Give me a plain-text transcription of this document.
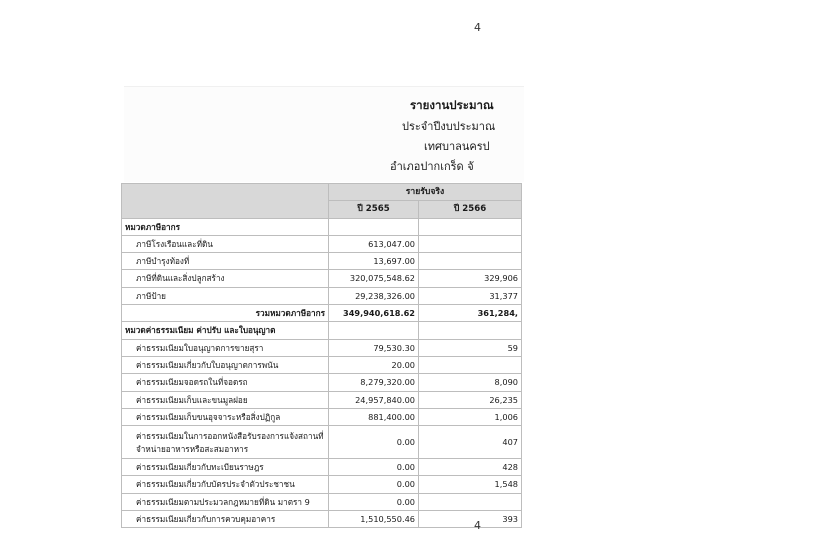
4
รายงานประมาณ
ประจำปีงบประมาณ
เทศบาลนครป
อำเภอปากเกร็ด จั
	รายรับจริง	
	ปี 2565	ปี 2566
หมวดภาษีอากร		
ภาษีโรงเรือนและที่ดิน	613,047.00	
ภาษีบำรุงท้องที่	13,697.00	
ภาษีที่ดินและสิ่งปลูกสร้าง	320,075,548.62	329,906
ภาษีป้าย	29,238,326.00	31,377
รวมหมวดภาษีอากร	349,940,618.62	361,284,
หมวดค่าธรรมเนียม ค่าปรับ และใบอนุญาต		
ค่าธรรมเนียมใบอนุญาตการขายสุรา	79,530.30	59
ค่าธรรมเนียมเกี่ยวกับใบอนุญาตการพนัน	20.00	
ค่าธรรมเนียมจอดรถในที่จอดรถ	8,279,320.00	8,090
ค่าธรรมเนียมเก็บและขนมูลฝอย	24,957,840.00	26,235
ค่าธรรมเนียมเก็บขนอุจจาระหรือสิ่งปฏิกูล	881,400.00	1,006
ค่าธรรมเนียมในการออกหนังสือรับรองการแจ้งสถานที่จำหน่ายอาหารหรือสะสมอาหาร	0.00	407
ค่าธรรมเนียมเกี่ยวกับทะเบียนราษฎร	0.00	428
ค่าธรรมเนียมเกี่ยวกับบัตรประจำตัวประชาชน	0.00	1,548
ค่าธรรมเนียมตามประมวลกฎหมายที่ดิน มาตรา 9	0.00	
ค่าธรรมเนียมเกี่ยวกับการควบคุมอาคาร	1,510,550.46	393
4
